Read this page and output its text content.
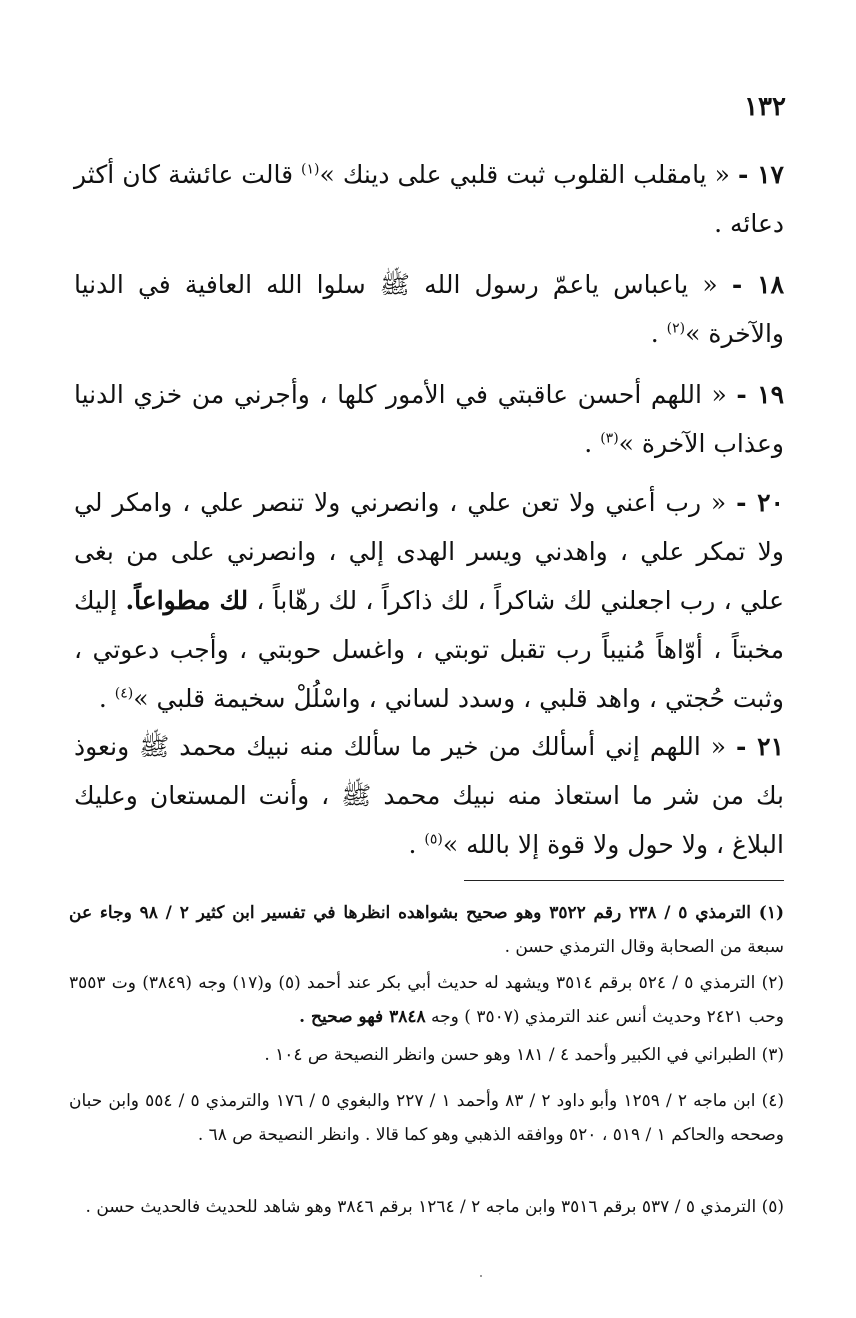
١٣٢

١٧ - « يامقلب القلوب ثبت قلبي على دينك »$^{(١)}$ قالت عائشة كان أكثر دعائه .

١٨ - « ياعباس ياعمّ رسول الله ﷺ سلوا الله العافية في الدنيا والآخرة »$^{(٢)}$ .

١٩ - « اللهم أحسن عاقبتي في الأمور كلها ، وأجرني من خزي الدنيا وعذاب الآخرة »$^{(٣)}$ .

٢٠ - « رب أعني ولا تعن علي ، وانصرني ولا تنصر علي ، وامكر لي ولا تمكر علي ، واهدني ويسر الهدى إلي ، وانصرني على من بغى علي ، رب اجعلني لك شاكراً ، لك ذاكراً ، لك رهّاباً ، لك مطواعاً. إليك مخبتاً ، أوّاهاً مُنيباً رب تقبل توبتي ، واغسل حوبتي ، وأجب دعوتي ، وثبت حُجتي ، واهد قلبي ، وسدد لساني ، واسْلُلْ سخيمة قلبي »$^{(٤)}$ .

٢١ - « اللهم إني أسألك من خير ما سألك منه نبيك محمد ﷺ ونعوذ بك من شر ما استعاذ منه نبيك محمد ﷺ ، وأنت المستعان وعليك البلاغ ، ولا حول ولا قوة إلا بالله »$^{(٥)}$ .

(١) الترمذي ٥ / ٢٣٨ رقم ٣٥٢٢ وهو صحيح بشواهده انظرها في تفسير ابن كثير ٢ / ٩٨ وجاء عن سبعة من الصحابة وقال الترمذي حسن .

(٢) الترمذي ٥ / ٥٢٤ برقم ٣٥١٤ ويشهد له حديث أبي بكر عند أحمد (٥) و(١٧) وجه (٣٨٤٩) وت ٣٥٥٣ وحب ٢٤٢١ وحديث أنس عند الترمذي (٣٥٠٧ ) وجه ٣٨٤٨ فهو صحيح .

(٣) الطبراني في الكبير وأحمد ٤ / ١٨١ وهو حسن وانظر النصيحة ص ١٠٤ .

(٤) ابن ماجه ٢ / ١٢٥٩ وأبو داود ٢ / ٨٣ وأحمد ١ / ٢٢٧ والبغوي ٥ / ١٧٦ والترمذي ٥ / ٥٥٤ وابن حبان وصححه والحاكم ١ / ٥١٩ ، ٥٢٠ ووافقه الذهبي وهو كما قالا . وانظر النصيحة ص ٦٨ .

(٥) الترمذي ٥ / ٥٣٧ برقم ٣٥١٦ وابن ماجه ٢ / ١٢٦٤ برقم ٣٨٤٦ وهو شاهد للحديث فالحديث حسن .
